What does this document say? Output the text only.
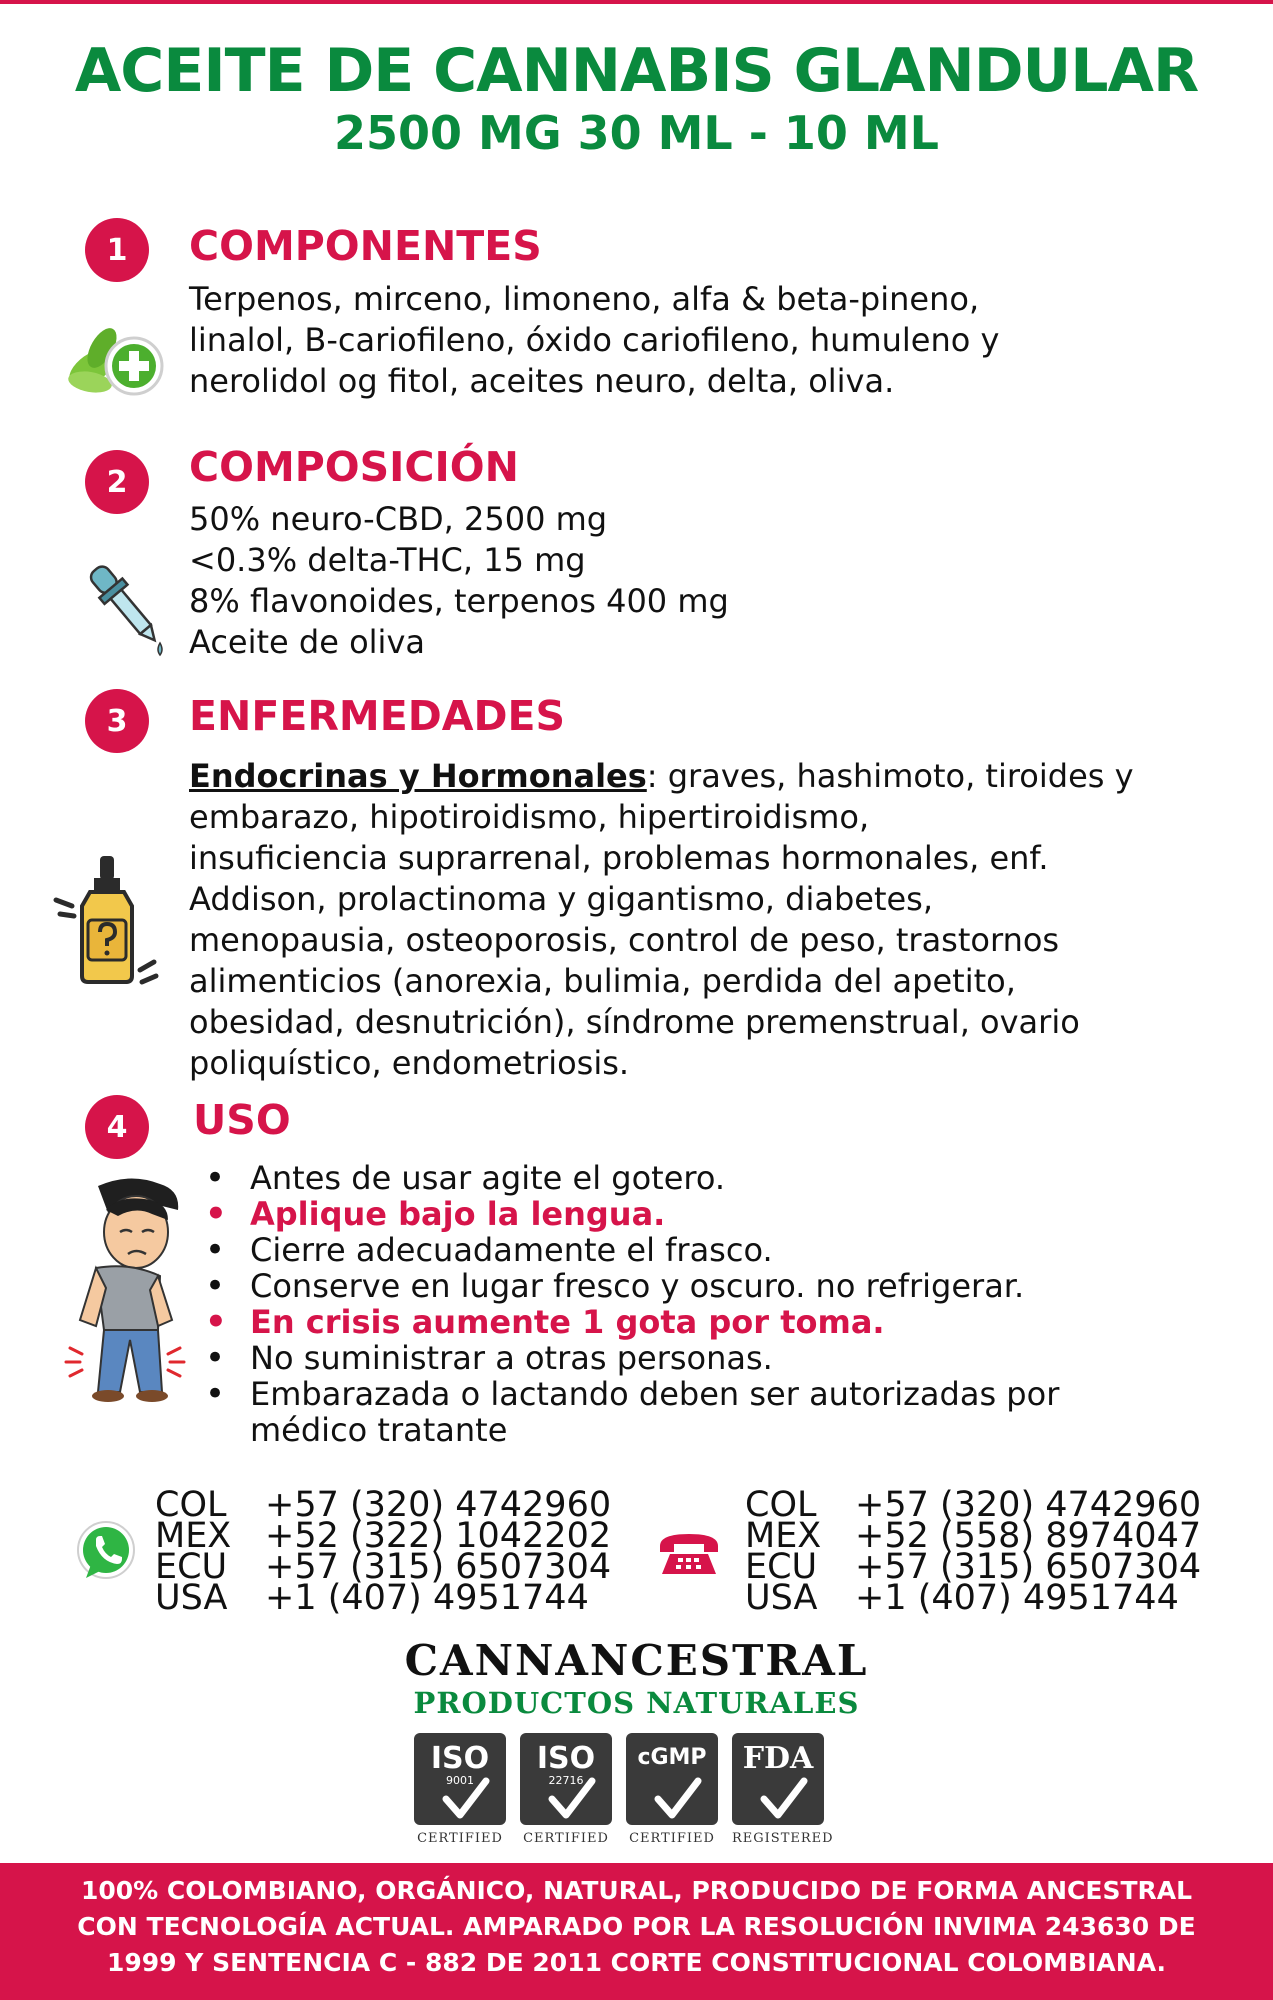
ACEITE DE CANNABIS GLANDULAR
2500 MG 30 ML - 10 ML
1	COMPONENTES
Terpenos, mirceno, limoneno, alfa & beta-pineno,
linalol, B-cariofileno, óxido cariofileno, humuleno y
nerolidol og fitol, aceites neuro, delta, oliva.
2	COMPOSICIÓN
50% neuro-CBD, 2500 mg
<0.3% delta-THC, 15 mg
8% flavonoides, terpenos 400 mg
Aceite de oliva
3	ENFERMEDADES
Endocrinas y Hormonales: graves, hashimoto, tiroides y
embarazo, hipotiroidismo, hipertiroidismo,
insuficiencia suprarrenal, problemas hormonales, enf.
Addison, prolactinoma y gigantismo, diabetes,
menopausia, osteoporosis, control de peso, trastornos
alimenticios (anorexia, bulimia, perdida del apetito,
obesidad, desnutrición), síndrome premenstrual, ovario
poliquístico, endometriosis.
4	USO
• Antes de usar agite el gotero.
• Aplique bajo la lengua.
• Cierre adecuadamente el frasco.
• Conserve en lugar fresco y oscuro. no refrigerar.
• En crisis aumente 1 gota por toma.
• No suministrar a otras personas.
• Embarazada o lactando deben ser autorizadas por
médico tratante
COL	+57 (320) 4742960
MEX +52 (322) 1042202
ECU	+57 (315) 6507304
USA	+1 (407) 4951744
COL	+57 (320) 4742960
MEX +52 (558) 8974047
ECU	+57 (315) 6507304
USA	+1 (407) 4951744
CANNANCESTRAL
PRODUCTOS NATURALES
ISO
9001
CERTIFIED
ISO
22716
CERTIFIED
cGMP
CERTIFIED
FDA
REGISTERED
100% COLOMBIANO, ORGÁNICO, NATURAL, PRODUCIDO DE FORMA ANCESTRAL
CON TECNOLOGÍA ACTUAL. AMPARADO POR LA RESOLUCIÓN INVIMA 243630 DE
1999 Y SENTENCIA C - 882 DE 2011 CORTE CONSTITUCIONAL COLOMBIANA.
